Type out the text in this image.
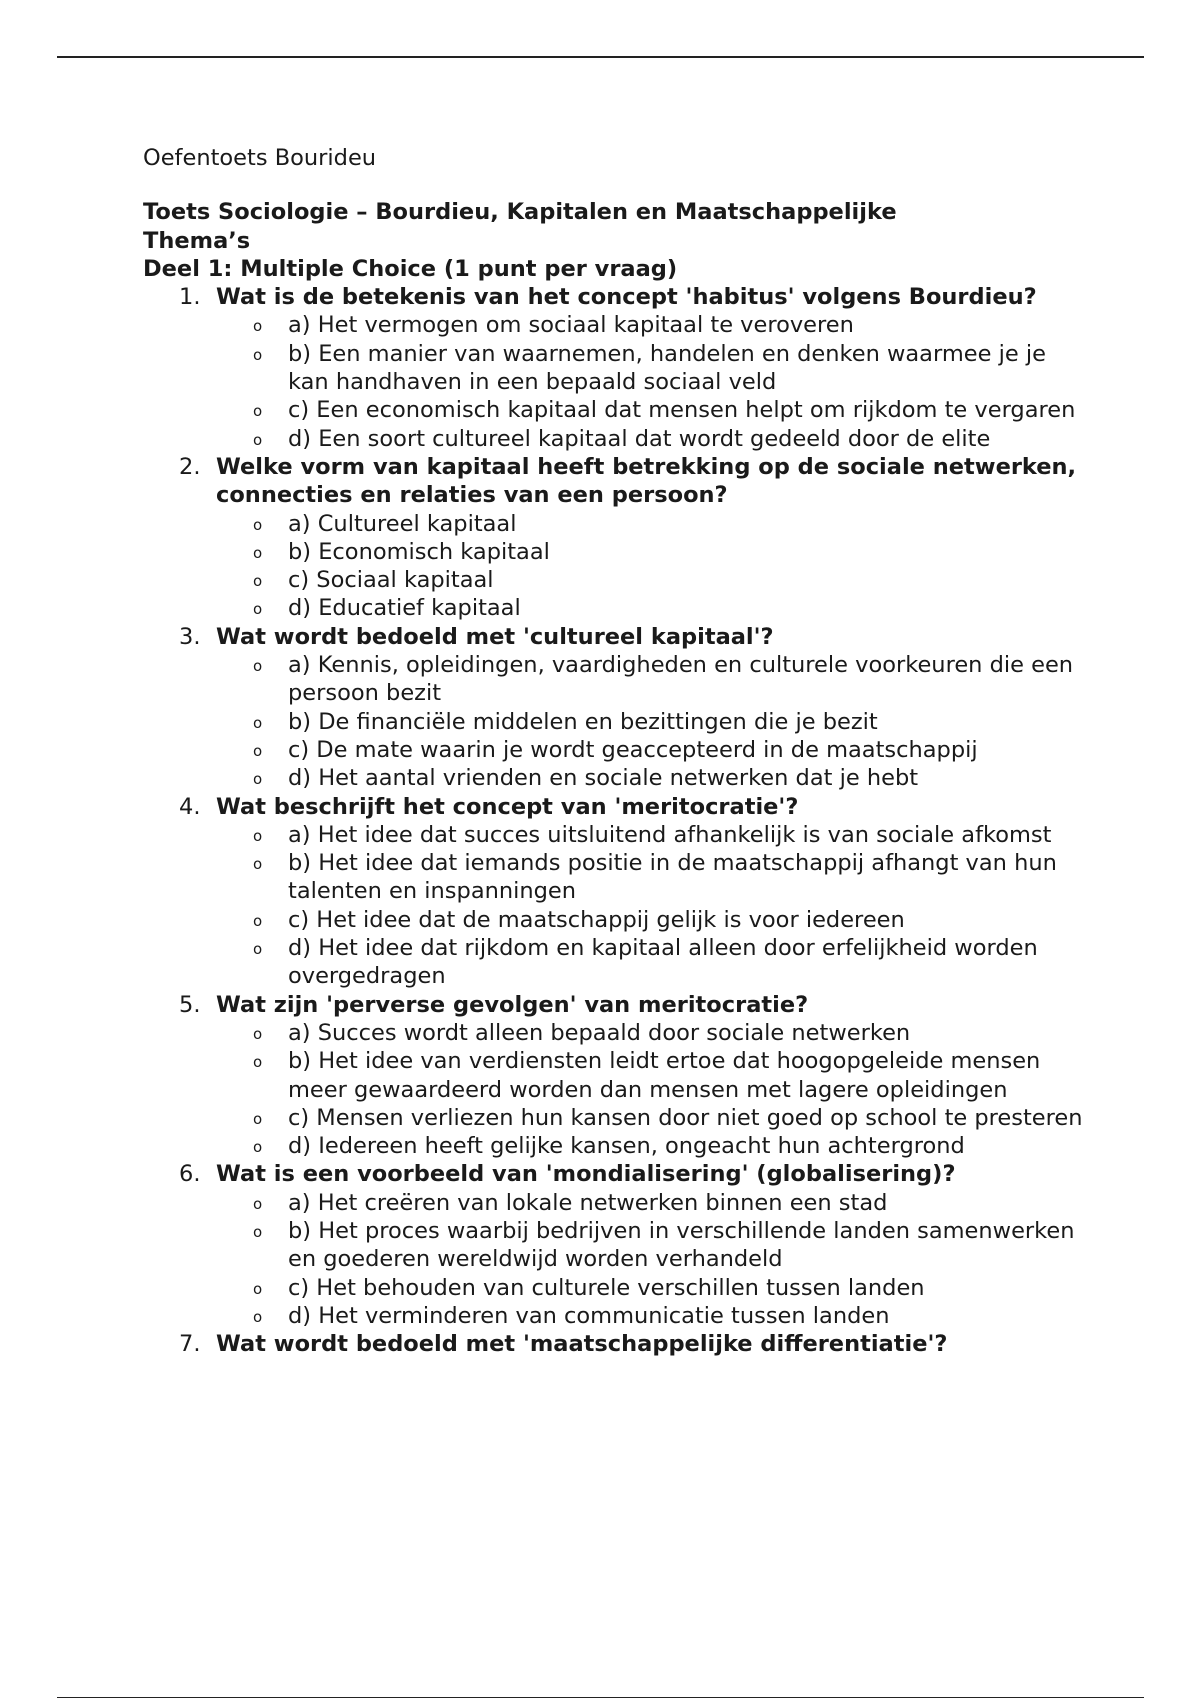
Oefentoets Bourideu

Toets Sociologie – Bourdieu, Kapitalen en Maatschappelijke Thema’s
Deel 1: Multiple Choice (1 punt per vraag)
1. Wat is de betekenis van het concept 'habitus' volgens Bourdieu?
o a) Het vermogen om sociaal kapitaal te veroveren
o b) Een manier van waarnemen, handelen en denken waarmee je je kan handhaven in een bepaald sociaal veld
o c) Een economisch kapitaal dat mensen helpt om rijkdom te vergaren
o d) Een soort cultureel kapitaal dat wordt gedeeld door de elite
2. Welke vorm van kapitaal heeft betrekking op de sociale netwerken, connecties en relaties van een persoon?
o a) Cultureel kapitaal
o b) Economisch kapitaal
o c) Sociaal kapitaal
o d) Educatief kapitaal
3. Wat wordt bedoeld met 'cultureel kapitaal'?
o a) Kennis, opleidingen, vaardigheden en culturele voorkeuren die een persoon bezit
o b) De financiële middelen en bezittingen die je bezit
o c) De mate waarin je wordt geaccepteerd in de maatschappij
o d) Het aantal vrienden en sociale netwerken dat je hebt
4. Wat beschrijft het concept van 'meritocratie'?
o a) Het idee dat succes uitsluitend afhankelijk is van sociale afkomst
o b) Het idee dat iemands positie in de maatschappij afhangt van hun talenten en inspanningen
o c) Het idee dat de maatschappij gelijk is voor iedereen
o d) Het idee dat rijkdom en kapitaal alleen door erfelijkheid worden overgedragen
5. Wat zijn 'perverse gevolgen' van meritocratie?
o a) Succes wordt alleen bepaald door sociale netwerken
o b) Het idee van verdiensten leidt ertoe dat hoogopgeleide mensen meer gewaardeerd worden dan mensen met lagere opleidingen
o c) Mensen verliezen hun kansen door niet goed op school te presteren
o d) Iedereen heeft gelijke kansen, ongeacht hun achtergrond
6. Wat is een voorbeeld van 'mondialisering' (globalisering)?
o a) Het creëren van lokale netwerken binnen een stad
o b) Het proces waarbij bedrijven in verschillende landen samenwerken en goederen wereldwijd worden verhandeld
o c) Het behouden van culturele verschillen tussen landen
o d) Het verminderen van communicatie tussen landen
7. Wat wordt bedoeld met 'maatschappelijke differentiatie'?
